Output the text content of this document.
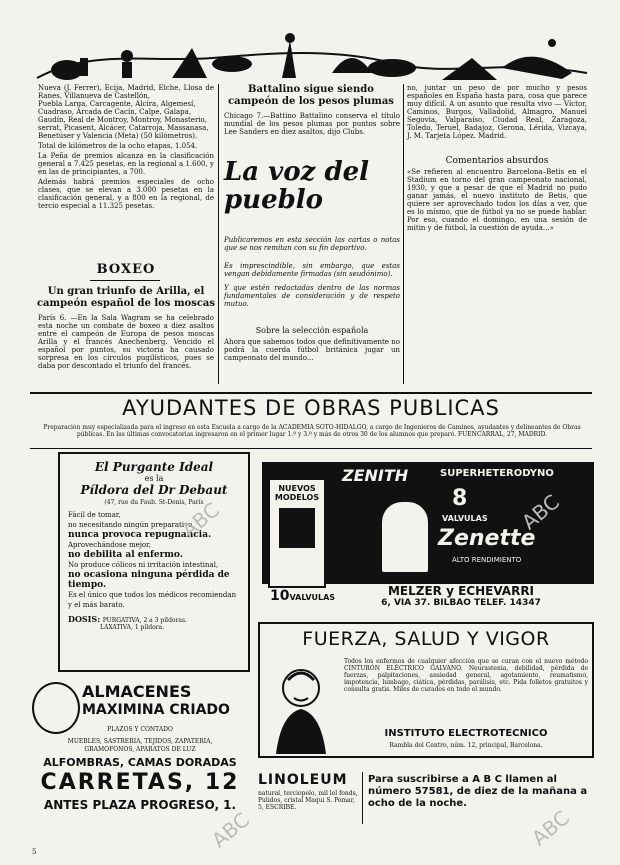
Nueva (J. Ferrer), Ecija, Madrid, Elche, Llosa de Ranes, Villanueva de Castellón,
Puebla Larga, Carcagente, Alcira, Algemesí,
Cuadraso, Arcada de Cacín, Calpe, Galapa,
Gaudín, Real de Montroy, Montroy, Monasterio,
serrat, Picasent, Alcácer, Catarroja, Massanasa,
Benetúser y Valencia (Meta) (50 kilómetros).
Total de kilómetros de la ocho etapas, 1.054.
La Peña de premios alcanza en la clasificación general a 7.425 pesetas, en la regional a 1.600, y en las de principiantes, a 700.
Además habrá premios especiales de ocho clases, que se elevan a 3.000 pesetas en la clasificación general, y a 800 en la regional, de tercio especial a 11.325 pesetas.
BOXEO
Un gran triunfo de Arilla, el campeón español de los moscas
París 6. —En la Sala Wagram se ha celebrado esta noche un combate de boxeo a diez asaltos entre el campeón de Europa de pesos moscas Arilla y el francés Anechenberg. Vencido el español por puntos, su victoria ha causado sorpresa en los círculos pugilísticos, pues se daba por descontado el triunfo del francés.
Battalino sigue siendo campeón de los pesos plumas
Chicago 7.—Battino Battalino conserva el título mundial de los pesos plumas por puntos sobre Lee Sanders en diez asaltos, dijo Clubs.
La voz del pueblo
Publicaremos en esta sección las cartas o notas que se nos remitan con su fin deportivo.
Es imprescindible, sin embargo, que estas vengan debidamente firmadas (sin seudónimo).
Y que estén redactadas dentro de las normas fundamentales de consideración y de respeto mutuo.
Sobre la selección española
Ahora que sabemos todos que definitivamente no podrá la cuerda fútbol británica jugar un campeonato del mundo...
no, juntar un peso de por mucho y pesos españoles en España hasta para, cosa que parece muy difícil. A un asunto que resulta vivo — Víctor, Caminos, Burgos, Valladolid, Almagro, Manuel Segovia, Valparaíso, Ciudad Real, Zaragoza, Toledo, Teruel, Badajoz, Gerona, Lérida, Vizcaya, J. M. Tarjeta López. Madrid.
Comentarios absurdos
«Se refieren al encuentro Barcelona–Betis en el Stadium en torno del gran campeonato nacional, 1930, y que a pesar de que el Madrid no pudo ganar jamás, el nuevo instituto de Betis, que quiere ser aprovechado todos los días a ver, que es lo mismo, que de fútbol ya no se puede hablar. Por eso, cuando el domingo, en una sesión de mitin y de fútbol, la cuestión de ayuda...»
AYUDANTES DE OBRAS PUBLICAS
Preparación muy especializada para el ingreso en esta Escuela a cargo de la ACADEMIA SOTO-HIDALGO, a cargo de Ingenieros de Caminos, ayudantes y delineantes de Obras públicas. En las últimas convocatorias ingresaron en el primer lugar 1.º y 3.º y más de otros 30 de los alumnos que preparó. FUENCARRAL, 27, MADRID.
El Purgante Ideal
es la
Píldora del Dr Debaut
(47, rue du Faub. St-Denis, París
Fácil de tomar,
no necesitando ningún preparativo,
nunca provoca repugnancia.
Aprovechándose mejor,
no debilita al enfermo.
No produce cólicos ni irritación intestinal,
no ocasiona ninguna pérdida de tiempo.
Es el único que todos los médicos recomiendan y el más barato.
DOSIS: PURGATIVA, 2 a 3 píldoras.
LAXATIVA, 1 píldora.
ZENITH	SUPERHETERODYNO
8
VALVULAS
Zenette
ALTO RENDIMIENTO
NUEVOS
MODELOS
10VALVULAS
DISTRIBUIDORES PARA ESPAÑA
MELZER y ECHEVARRI
6, VIA 37. BILBAO TELEF. 14347
FUERZA, SALUD Y VIGOR
Todos los enfermos de cualquier afección que se curan con el nuevo método CINTURÓN ELÉCTRICO GALVANO. Neurastenia, debilidad, pérdida de fuerzas, palpitaciones, ansiedad general, agotamiento, reumatismo, impotencia, lumbago, ciática, pérdidas, parálisis, etc. Pida folletos gratuitos y consulta gratis. Miles de curados en todo el mundo.
INSTITUTO ELECTROTECNICO
Rambla del Centro, núm. 12, principal, Barcelona.
ALMACENES
MAXIMINA CRIADO
PLAZOS Y CONTADO
MUEBLES, SASTRERIA, TEJIDOS, ZAPATERIA,
GRAMOFONOS, APARATOS DE LUZ
ALFOMBRAS, CAMAS DORADAS
CARRETAS, 12
ANTES PLAZA PROGRESO, 1.
LINOLEUM
natural, terciopelo, mil lel fonds, Pulidos, cristal Maqui S. Pomar, 5, ESCRIBE.
Para suscribirse a A B C llamen al número 57581, de diez de la mañana a ocho de la noche.
ABC	ABC
ABC	ABC
5
